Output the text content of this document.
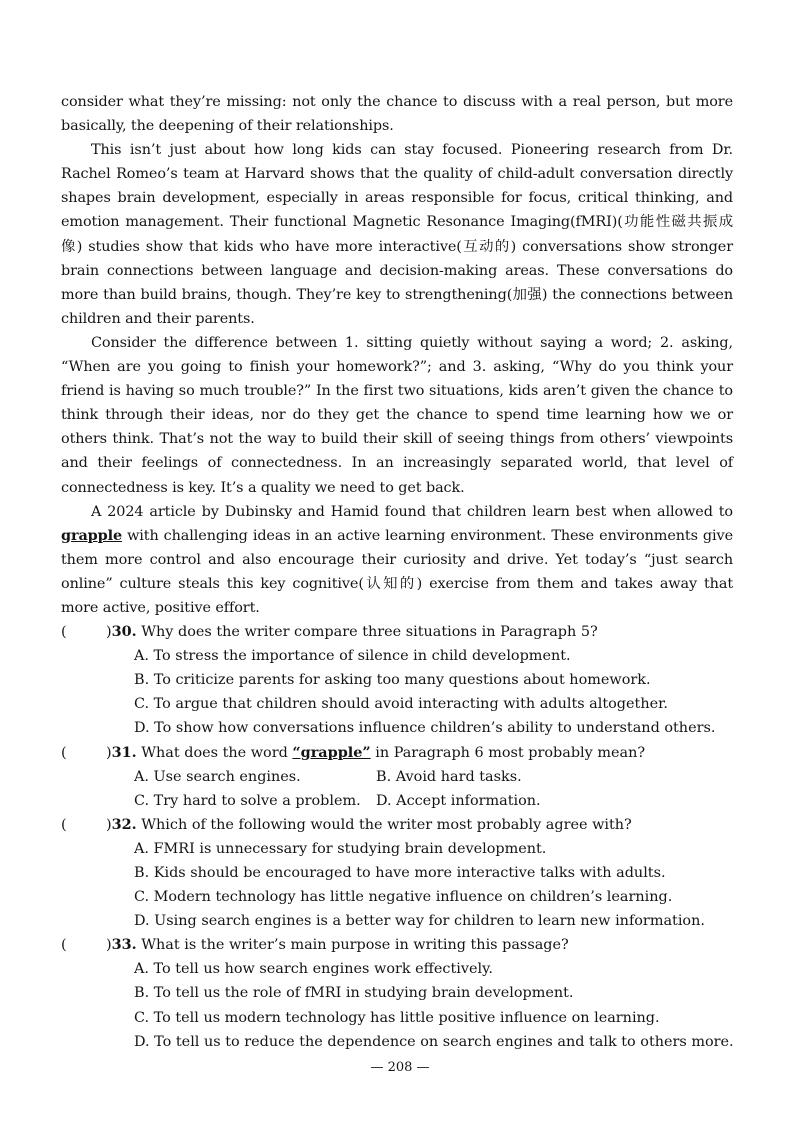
consider what they’re missing: not only the chance to discuss with a real person, but more basically, the deepening of their relationships.

This isn’t just about how long kids can stay focused. Pioneering research from Dr. Rachel Romeo’s team at Harvard shows that the quality of child-adult conversation directly shapes brain development, especially in areas responsible for focus, critical thinking, and emotion management. Their functional Magnetic Resonance Imaging(fMRI)(功能性磁共振成像) studies show that kids who have more interactive(互动的) conversations show stronger brain connections between language and decision-making areas. These conversations do more than build brains, though. They’re key to strengthening(加强) the connections between children and their parents.

Consider the difference between 1. sitting quietly without saying a word; 2. asking, “When are you going to finish your homework?”; and 3. asking, “Why do you think your friend is having so much trouble?” In the first two situations, kids aren’t given the chance to think through their ideas, nor do they get the chance to spend time learning how we or others think. That’s not the way to build their skill of seeing things from others’ viewpoints and their feelings of connectedness. In an increasingly separated world, that level of connectedness is key. It’s a quality we need to get back.

A 2024 article by Dubinsky and Hamid found that children learn best when allowed to grapple with challenging ideas in an active learning environment. These environments give them more control and also encourage their curiosity and drive. Yet today’s “just search online” culture steals this key cognitive(认知的) exercise from them and takes away that more active, positive effort.

(	)30. Why does the writer compare three situations in Paragraph 5?
A. To stress the importance of silence in child development.
B. To criticize parents for asking too many questions about homework.
C. To argue that children should avoid interacting with adults altogether.
D. To show how conversations influence children’s ability to understand others.
(	)31. What does the word “grapple” in Paragraph 6 most probably mean?
A. Use search engines.	B. Avoid hard tasks.
C. Try hard to solve a problem.	D. Accept information.
(	)32. Which of the following would the writer most probably agree with?
A. FMRI is unnecessary for studying brain development.
B. Kids should be encouraged to have more interactive talks with adults.
C. Modern technology has little negative influence on children’s learning.
D. Using search engines is a better way for children to learn new information.
(	)33. What is the writer’s main purpose in writing this passage?
A. To tell us how search engines work effectively.
B. To tell us the role of fMRI in studying brain development.
C. To tell us modern technology has little positive influence on learning.
D. To tell us to reduce the dependence on search engines and talk to others more.
— 208 —
